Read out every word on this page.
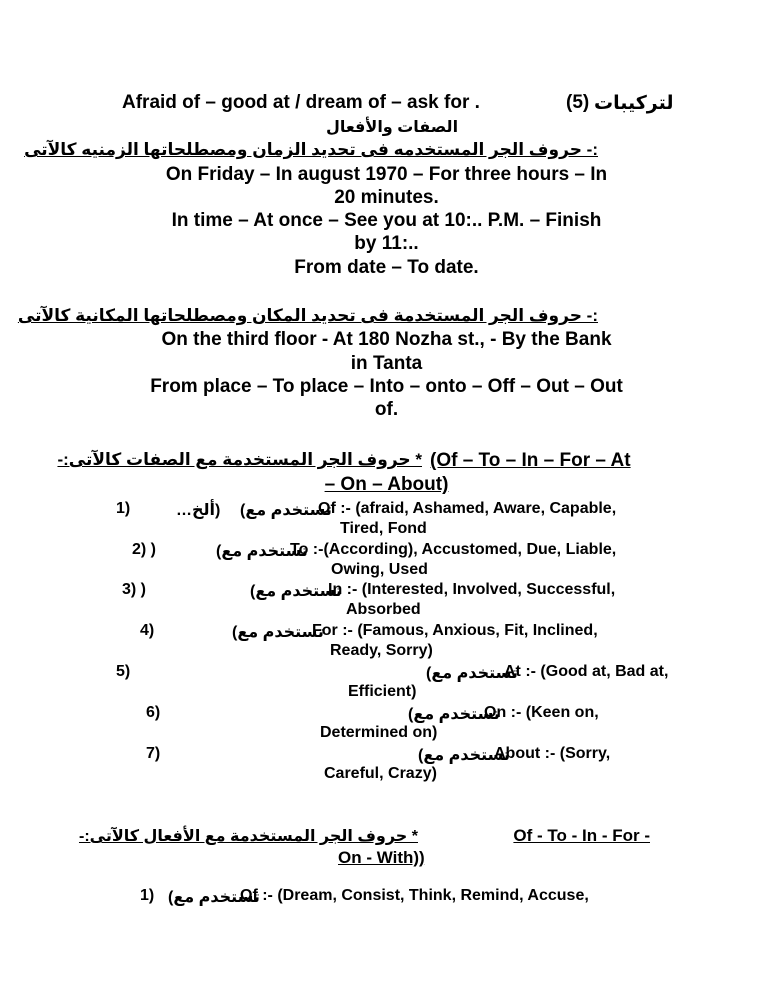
Afraid of – good at / dream of – ask for .	(5) لتركيبات
الصفات والأفعال
:- حروف الجر المستخدمه فى تحديد الزمان ومصطلحاتها الزمنيه كالآتى
On Friday – In august 1970 – For three hours – In
20 minutes.
In time – At once – See you at 10:.. P.M. – Finish
by 11:..
From date – To date.
:- حروف الجر المستخدمة فى تحديد المكان ومصطلحاتها المكانية كالآتى
On the third floor - At 180 Nozha st., - By the Bank
in Tanta
From place – To place – Into – onto – Off – Out – Out
of.
* حروف الجر المستخدمة مع الصفات كالآتى:- (Of – To – In – For – At
– On – About)
1)	(ألخ… تستخدم مع)
Of :- (afraid, Ashamed, Aware, Capable,
Tired, Fond
2) )	تستخدم مع)
To :-(According), Accustomed, Due, Liable,
Owing, Used
3) )	تستخدم مع)
In :- (Interested, Involved, Successful,
Absorbed
4)	تستخدم مع)
For :- (Famous, Anxious, Fit, Inclined,
Ready, Sorry)
5)	تستخدم مع)
At :- (Good at, Bad at,
Efficient)
6)	تستخدم مع)
On :- (Keen on,
Determined on)
7)	تستخدم مع)
About :- (Sorry,
Careful, Crazy)
* حروف الجر المستخدمة مع الأفعال كالآتى:-	Of - To - In - For -
On - With))
1) تستخدم مع)
Of :- (Dream, Consist, Think, Remind, Accuse,
